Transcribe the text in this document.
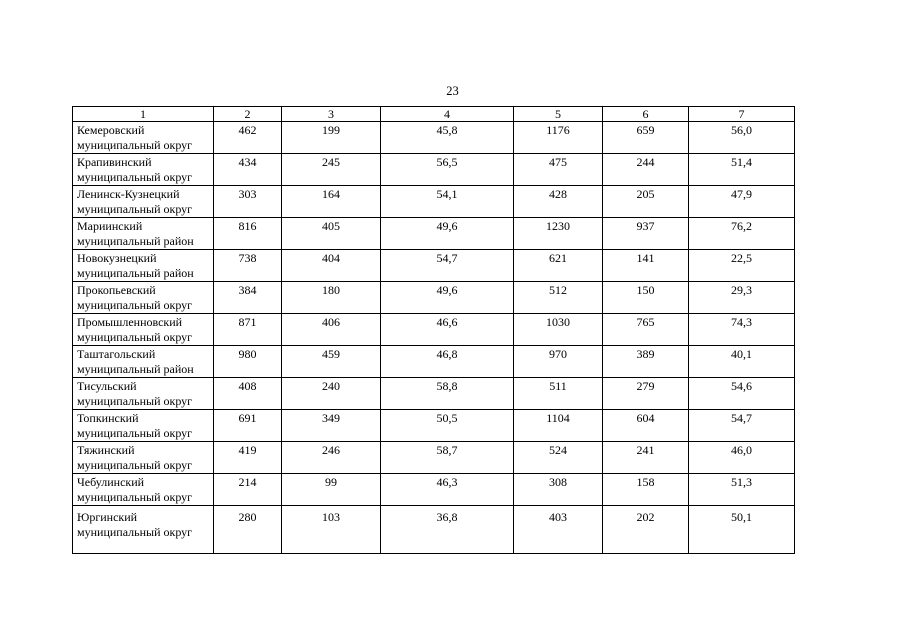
23
1	2	3	4	5	6	7
Кемеровский муниципальный округ	462	199	45,8	1176	659	56,0
Крапивинский муниципальный округ	434	245	56,5	475	244	51,4
Ленинск-Кузнецкий муниципальный округ	303	164	54,1	428	205	47,9
Мариинский муниципальный район	816	405	49,6	1230	937	76,2
Новокузнецкий муниципальный район	738	404	54,7	621	141	22,5
Прокопьевский муниципальный округ	384	180	49,6	512	150	29,3
Промышленновский муниципальный округ	871	406	46,6	1030	765	74,3
Таштагольский муниципальный район	980	459	46,8	970	389	40,1
Тисульский муниципальный округ	408	240	58,8	511	279	54,6
Топкинский муниципальный округ	691	349	50,5	1104	604	54,7
Тяжинский муниципальный округ	419	246	58,7	524	241	46,0
Чебулинский муниципальный округ	214	99	46,3	308	158	51,3
Юргинский муниципальный округ	280	103	36,8	403	202	50,1
